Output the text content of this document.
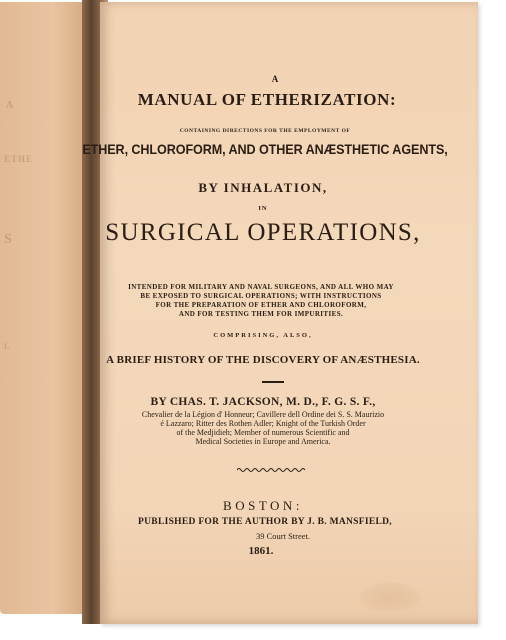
A
ETHE
S
L
A
MANUAL OF ETHERIZATION:
CONTAINING DIRECTIONS FOR THE EMPLOYMENT OF
ETHER, CHLOROFORM, AND OTHER ANÆSTHETIC AGENTS,
BY INHALATION,
IN
SURGICAL OPERATIONS,
INTENDED FOR MILITARY AND NAVAL SURGEONS, AND ALL WHO MAY
BE EXPOSED TO SURGICAL OPERATIONS; WITH INSTRUCTIONS
FOR THE PREPARATION OF ETHER AND CHLOROFORM,
AND FOR TESTING THEM FOR IMPURITIES.
COMPRISING, ALSO,
A BRIEF HISTORY OF THE DISCOVERY OF ANÆSTHESIA.
BY CHAS. T. JACKSON, M. D., F. G. S. F.,
Chevalier de la Légion d' Honneur; Cavillere dell Ordine dei S. S. Maurizio
é Lazzaro; Ritter des Rothen Adler; Knight of the Turkish Order
of the Medjidieh; Member of numerous Scientific and
Medical Societies in Europe and America.
BOSTON:
PUBLISHED FOR THE AUTHOR BY J. B. MANSFIELD,
39 Court Street.
1861.
